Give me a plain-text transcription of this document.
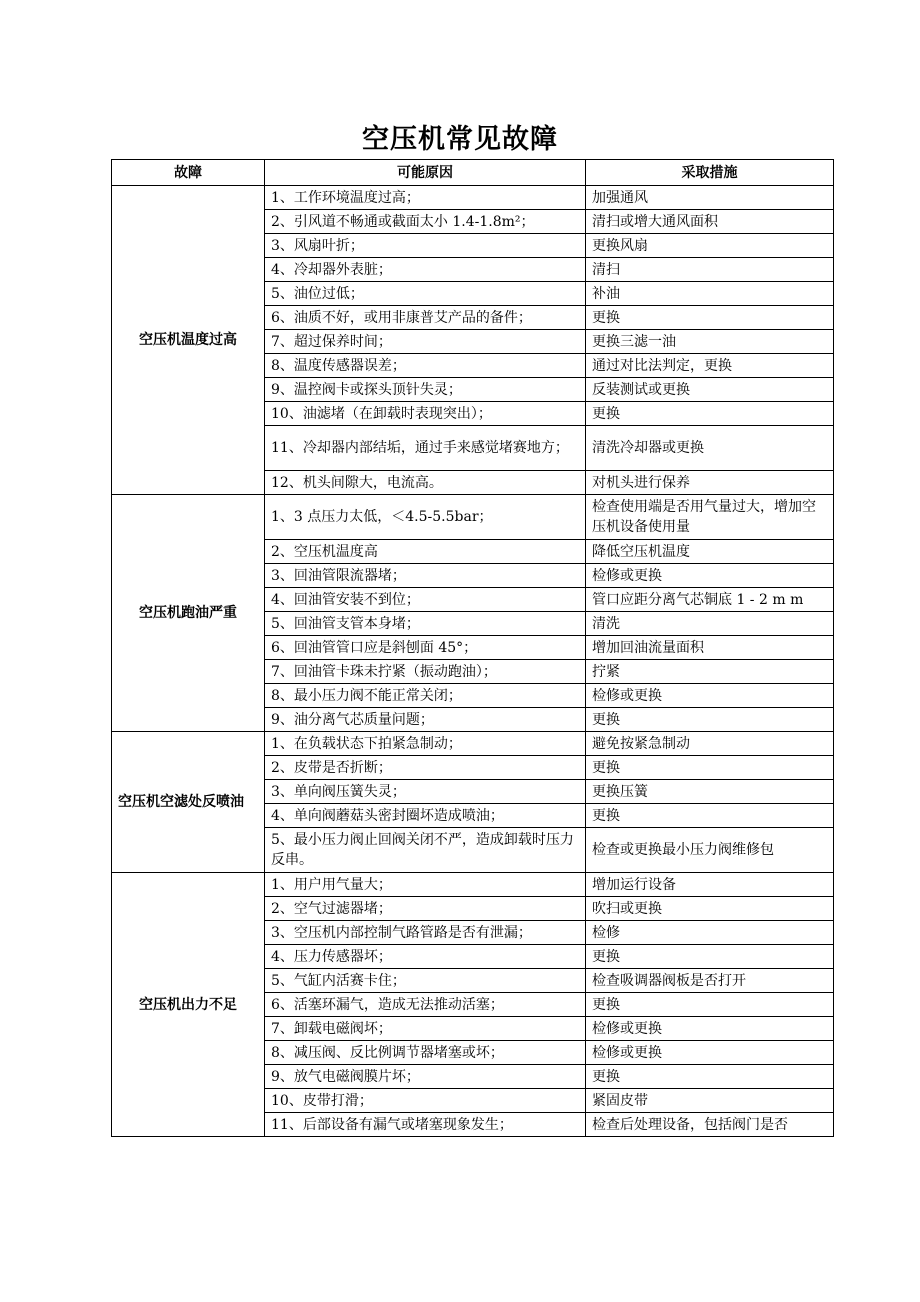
空压机常见故障
故障	可能原因	采取措施
空压机温度过高	1、工作环境温度过高；	加强通风
	2、引风道不畅通或截面太小 1.4-1.8m²；	清扫或增大通风面积
	3、风扇叶折；	更换风扇
	4、冷却器外表脏；	清扫
	5、油位过低；	补油
	6、油质不好，或用非康普艾产品的备件；	更换
	7、超过保养时间；	更换三滤一油
	8、温度传感器误差；	通过对比法判定，更换
	9、温控阀卡或探头顶针失灵；	反装测试或更换
	10、油滤堵（在卸载时表现突出）；	更换
	11、冷却器内部结垢，通过手来感觉堵赛地方；	清洗冷却器或更换
	12、机头间隙大，电流高。	对机头进行保养
空压机跑油严重	1、3 点压力太低，＜4.5-5.5bar；	检查使用端是否用气量过大，增加空压机设备使用量
	2、空压机温度高	降低空压机温度
	3、回油管限流器堵；	检修或更换
	4、回油管安装不到位；	管口应距分离气芯铜底 1 - 2 m m
	5、回油管支管本身堵；	清洗
	6、回油管管口应是斜刨面 45°；	增加回油流量面积
	7、回油管卡珠未拧紧（振动跑油）；	拧紧
	8、最小压力阀不能正常关闭；	检修或更换
	9、油分离气芯质量问题；	更换
空压机空滤处反喷油	1、在负载状态下拍紧急制动；	避免按紧急制动
	2、皮带是否折断；	更换
	3、单向阀压簧失灵；	更换压簧
	4、单向阀蘑菇头密封圈坏造成喷油；	更换
	5、最小压力阀止回阀关闭不严，造成卸载时压力反串。	检查或更换最小压力阀维修包
空压机出力不足	1、用户用气量大；	增加运行设备
	2、空气过滤器堵；	吹扫或更换
	3、空压机内部控制气路管路是否有泄漏；	检修
	4、压力传感器坏；	更换
	5、气缸内活赛卡住；	检查吸调器阀板是否打开
	6、活塞环漏气，造成无法推动活塞；	更换
	7、卸载电磁阀坏；	检修或更换
	8、减压阀、反比例调节器堵塞或坏；	检修或更换
	9、放气电磁阀膜片坏；	更换
	10、皮带打滑；	紧固皮带
	11、后部设备有漏气或堵塞现象发生；	检查后处理设备，包括阀门是否
